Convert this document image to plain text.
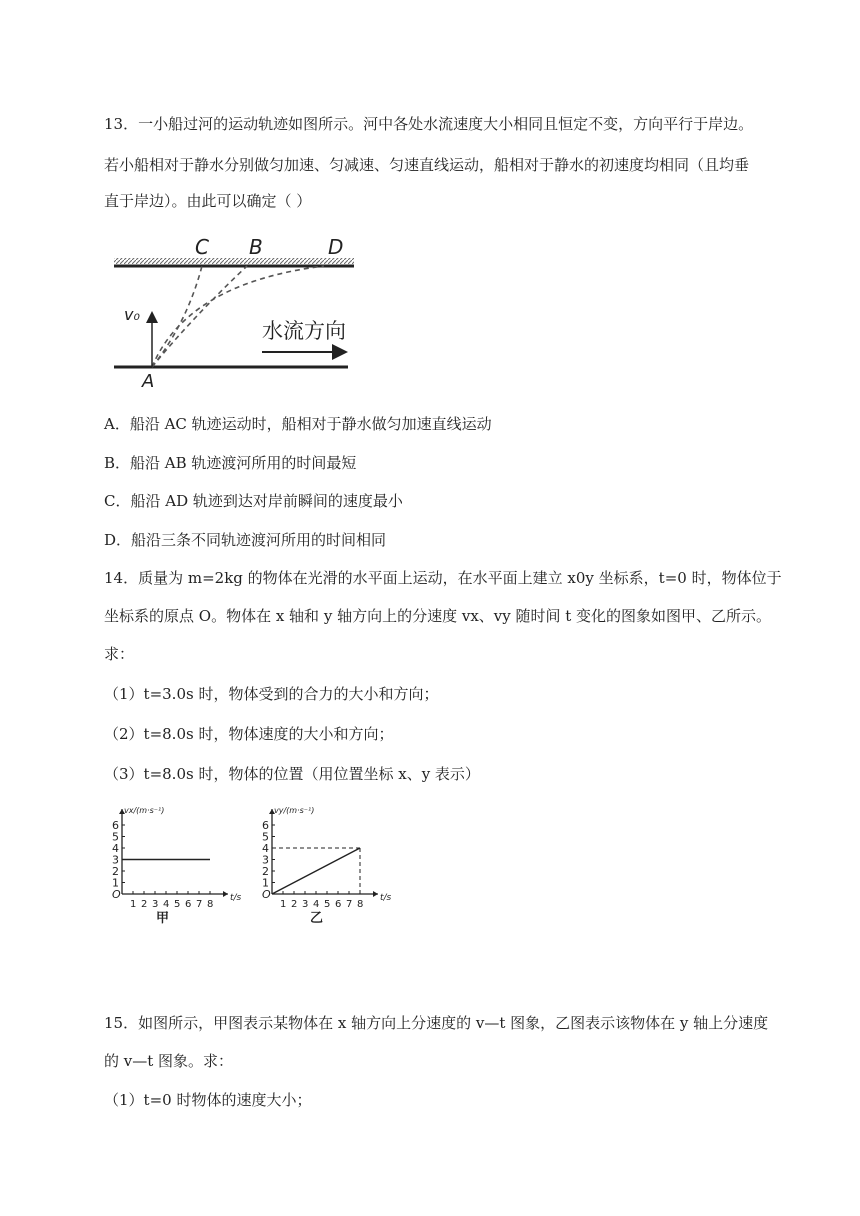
13．一小船过河的运动轨迹如图所示。河中各处水流速度大小相同且恒定不变，方向平行于岸边。
若小船相对于静水分别做匀加速、匀减速、匀速直线运动，船相对于静水的初速度均相同（且均垂
直于岸边）。由此可以确定（ ）
C B	D
A
v₀
水流方向
A．船沿 AC 轨迹运动时，船相对于静水做匀加速直线运动
B．船沿 AB 轨迹渡河所用的时间最短
C．船沿 AD 轨迹到达对岸前瞬间的速度最小
D．船沿三条不同轨迹渡河所用的时间相同
14．质量为 m=2kg 的物体在光滑的水平面上运动，在水平面上建立 x0y 坐标系，t=0 时，物体位于
坐标系的原点 O。物体在 x 轴和 y 轴方向上的分速度 vx、vy 随时间 t 变化的图象如图甲、乙所示。
求：
（1）t=3.0s 时，物体受到的合力的大小和方向；
（2）t=8.0s 时，物体速度的大小和方向；
（3）t=8.0s 时，物体的位置（用位置坐标 x、y 表示）
vx/(m·s⁻¹)
t/s
O
1
2
3
4
5
6
1 2 3 4 5 6 7 8
甲
vy/(m·s⁻¹)
t/s
O
1
2
3
4
5
6
1 2 3 4 5 6 7 8
乙
15．如图所示，甲图表示某物体在 x 轴方向上分速度的 v—t 图象，乙图表示该物体在 y 轴上分速度
的 v—t 图象。求：
（1）t=0 时物体的速度大小；
